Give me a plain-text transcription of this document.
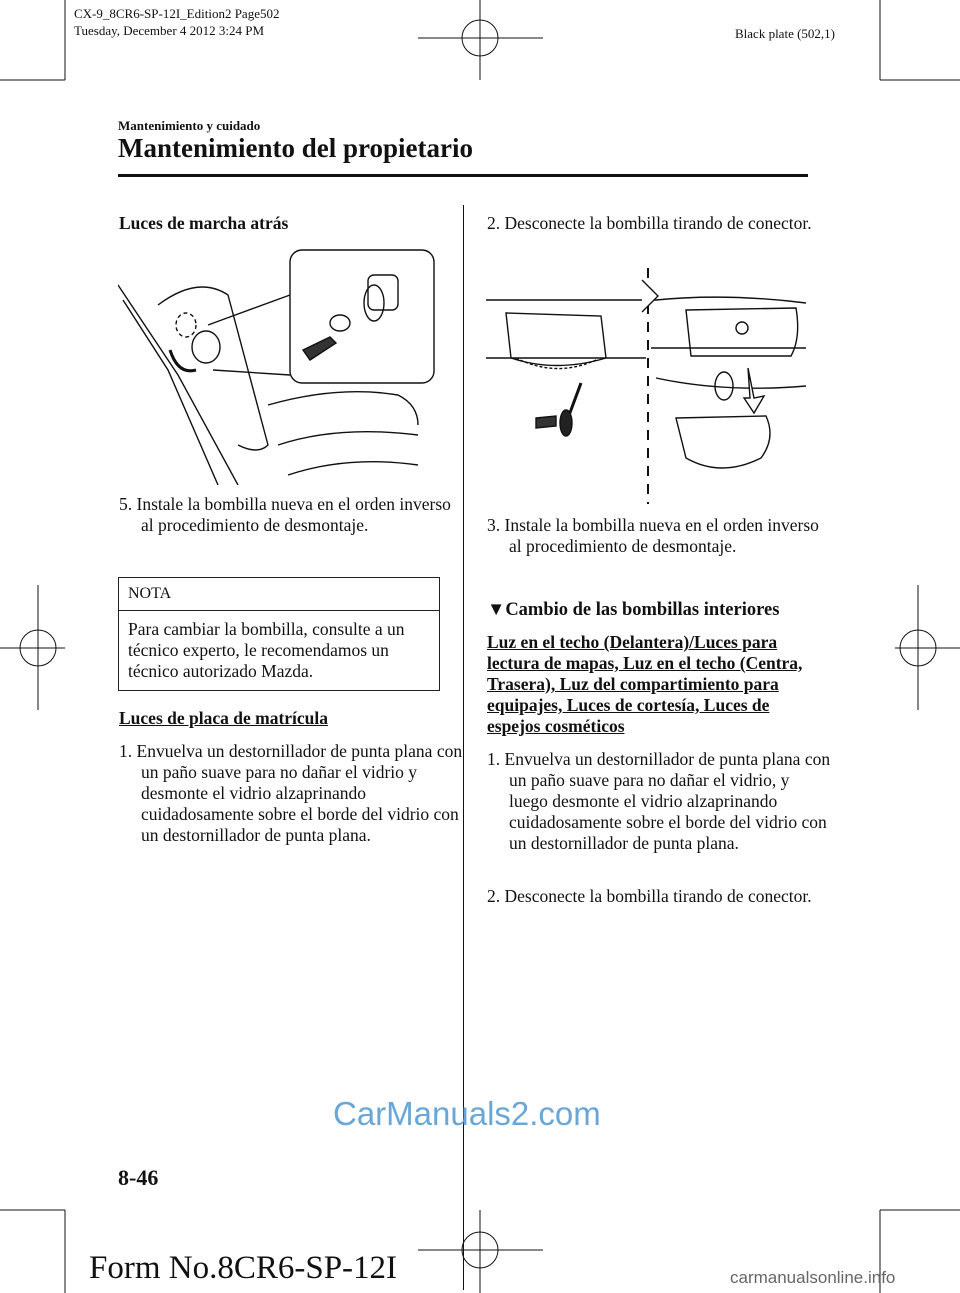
CX-9_8CR6-SP-12I_Edition2 Page502
Tuesday, December 4 2012 3:24 PM	Black plate (502,1)
Mantenimiento y cuidado
Mantenimiento del propietario
Luces de marcha atrás
5. Instale la bombilla nueva en el orden inverso al procedimiento de desmontaje.
NOTA
Para cambiar la bombilla, consulte a un técnico experto, le recomendamos un técnico autorizado Mazda.
Luces de placa de matrícula
1. Envuelva un destornillador de punta plana con un paño suave para no dañar el vidrio y desmonte el vidrio alzaprinando cuidadosamente sobre el borde del vidrio con un destornillador de punta plana.
2. Desconecte la bombilla tirando de conector.
3. Instale la bombilla nueva en el orden inverso al procedimiento de desmontaje.
▼Cambio de las bombillas interiores
Luz en el techo (Delantera)/Luces para lectura de mapas, Luz en el techo (Centra, Trasera), Luz del compartimiento para equipajes, Luces de cortesía, Luces de espejos cosméticos
1. Envuelva un destornillador de punta plana con un paño suave para no dañar el vidrio, y luego desmonte el vidrio alzaprinando cuidadosamente sobre el borde del vidrio con un destornillador de punta plana.
2. Desconecte la bombilla tirando de conector.
CarManuals2.com
8-46
Form No.8CR6-SP-12I	carmanualsonline.info
